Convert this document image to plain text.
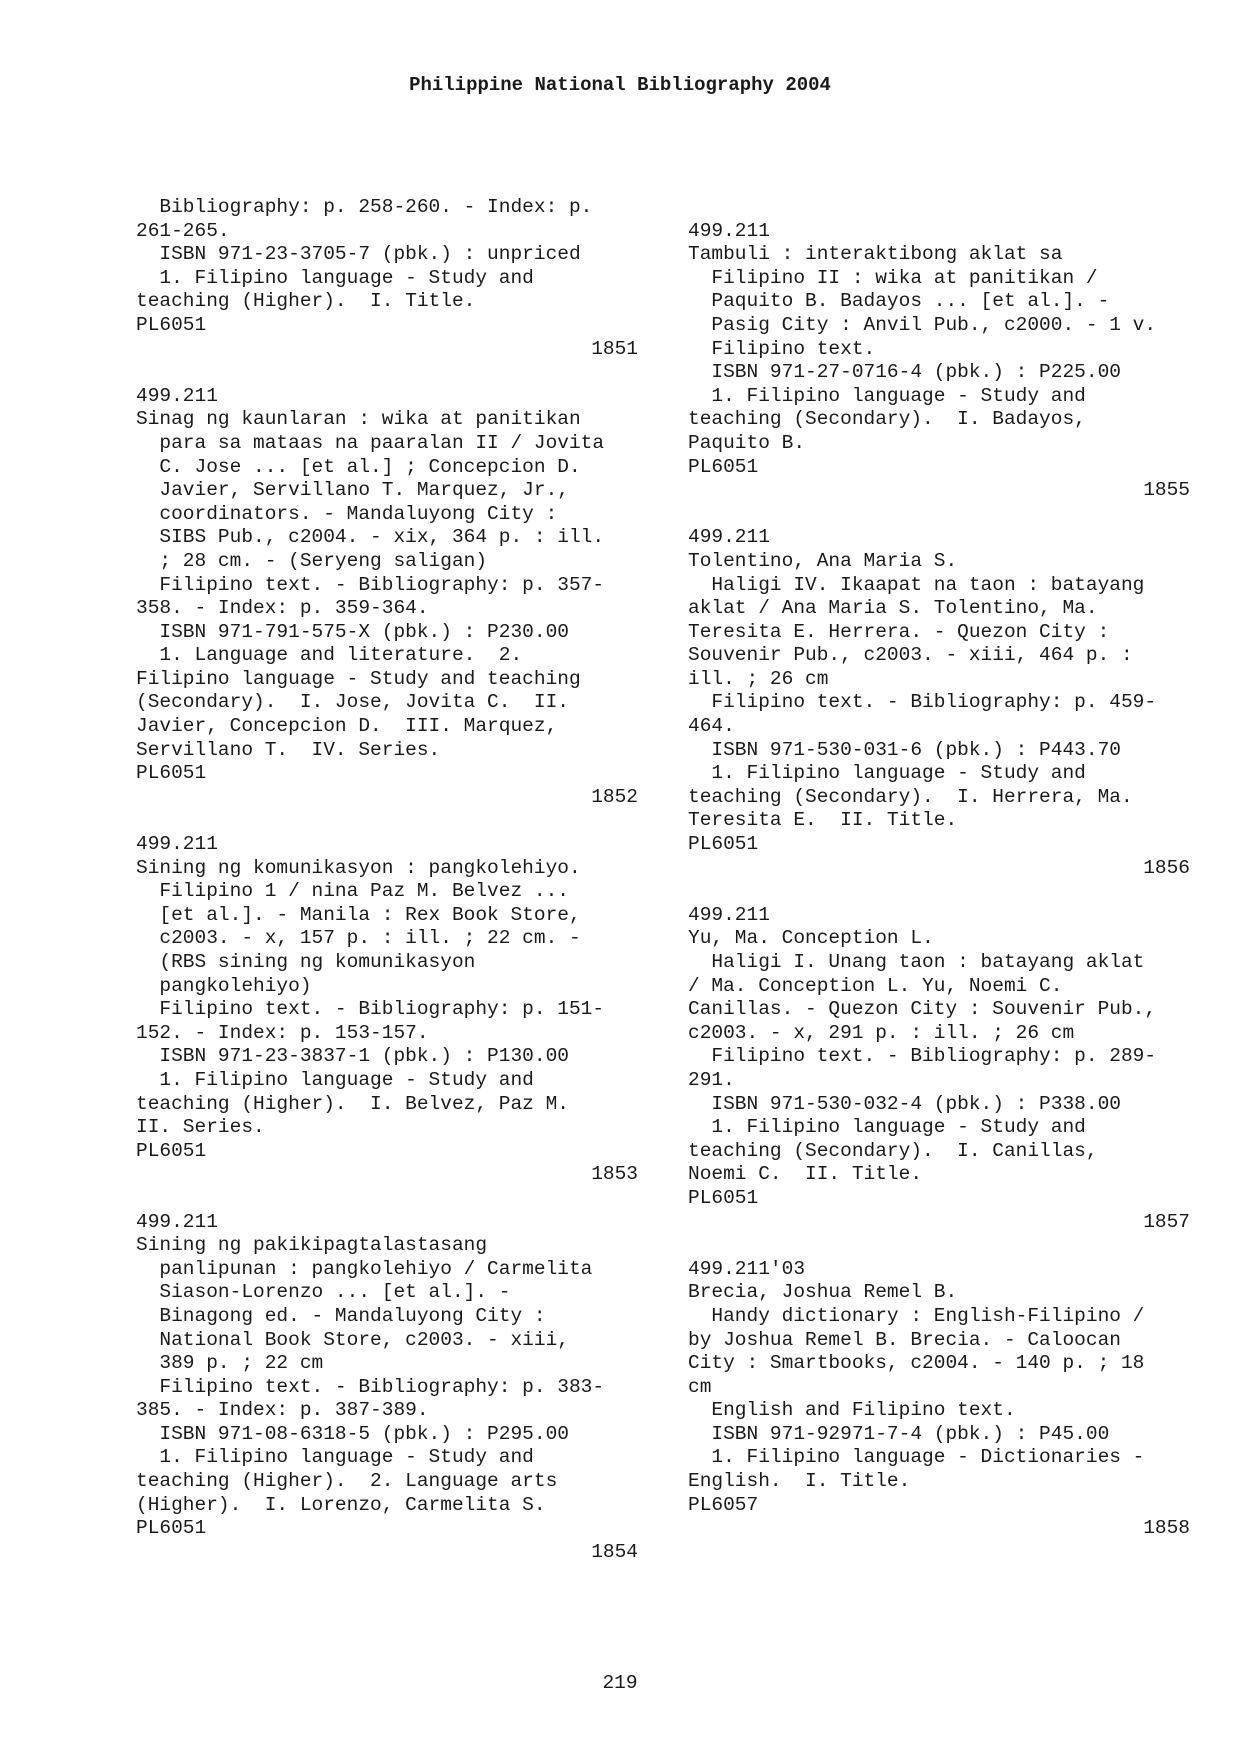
Philippine National Bibliography 2004
Bibliography: p. 258-260. - Index: p.
261-265.
ISBN 971-23-3705-7 (pbk.) : unpriced
1. Filipino language - Study and
teaching (Higher).  I. Title.
PL6051
1851
499.211
Sinag ng kaunlaran : wika at panitikan
para sa mataas na paaralan II / Jovita
C. Jose ... [et al.] ; Concepcion D.
Javier, Servillano T. Marquez, Jr.,
coordinators. - Mandaluyong City :
SIBS Pub., c2004. - xix, 364 p. : ill.
; 28 cm. - (Seryeng saligan)
Filipino text. - Bibliography: p. 357-
358. - Index: p. 359-364.
ISBN 971-791-575-X (pbk.) : P230.00
1. Language and literature.  2.
Filipino language - Study and teaching
(Secondary).  I. Jose, Jovita C.  II.
Javier, Concepcion D.  III. Marquez,
Servillano T.  IV. Series.
PL6051
1852
499.211
Sining ng komunikasyon : pangkolehiyo.
Filipino 1 / nina Paz M. Belvez ...
[et al.]. - Manila : Rex Book Store,
c2003. - x, 157 p. : ill. ; 22 cm. -
(RBS sining ng komunikasyon
pangkolehiyo)
Filipino text. - Bibliography: p. 151-
152. - Index: p. 153-157.
ISBN 971-23-3837-1 (pbk.) : P130.00
1. Filipino language - Study and
teaching (Higher).  I. Belvez, Paz M.
II. Series.
PL6051
1853
499.211
Sining ng pakikipagtalastasang
panlipunan : pangkolehiyo / Carmelita
Siason-Lorenzo ... [et al.]. -
Binagong ed. - Mandaluyong City :
National Book Store, c2003. - xiii,
389 p. ; 22 cm
Filipino text. - Bibliography: p. 383-
385. - Index: p. 387-389.
ISBN 971-08-6318-5 (pbk.) : P295.00
1. Filipino language - Study and
teaching (Higher).  2. Language arts
(Higher).  I. Lorenzo, Carmelita S.
PL6051
1854
499.211
Tambuli : interaktibong aklat sa
Filipino II : wika at panitikan /
Paquito B. Badayos ... [et al.]. -
Pasig City : Anvil Pub., c2000. - 1 v.
Filipino text.
ISBN 971-27-0716-4 (pbk.) : P225.00
1. Filipino language - Study and
teaching (Secondary).  I. Badayos,
Paquito B.
PL6051
1855
499.211
Tolentino, Ana Maria S.
Haligi IV. Ikaapat na taon : batayang
aklat / Ana Maria S. Tolentino, Ma.
Teresita E. Herrera. - Quezon City :
Souvenir Pub., c2003. - xiii, 464 p. :
ill. ; 26 cm
Filipino text. - Bibliography: p. 459-
464.
ISBN 971-530-031-6 (pbk.) : P443.70
1. Filipino language - Study and
teaching (Secondary).  I. Herrera, Ma.
Teresita E.  II. Title.
PL6051
1856
499.211
Yu, Ma. Conception L.
Haligi I. Unang taon : batayang aklat
/ Ma. Conception L. Yu, Noemi C.
Canillas. - Quezon City : Souvenir Pub.,
c2003. - x, 291 p. : ill. ; 26 cm
Filipino text. - Bibliography: p. 289-
291.
ISBN 971-530-032-4 (pbk.) : P338.00
1. Filipino language - Study and
teaching (Secondary).  I. Canillas,
Noemi C.  II. Title.
PL6051
1857
499.211'03
Brecia, Joshua Remel B.
Handy dictionary : English-Filipino /
by Joshua Remel B. Brecia. - Caloocan
City : Smartbooks, c2004. - 140 p. ; 18
cm
English and Filipino text.
ISBN 971-92971-7-4 (pbk.) : P45.00
1. Filipino language - Dictionaries -
English.  I. Title.
PL6057
1858
219
